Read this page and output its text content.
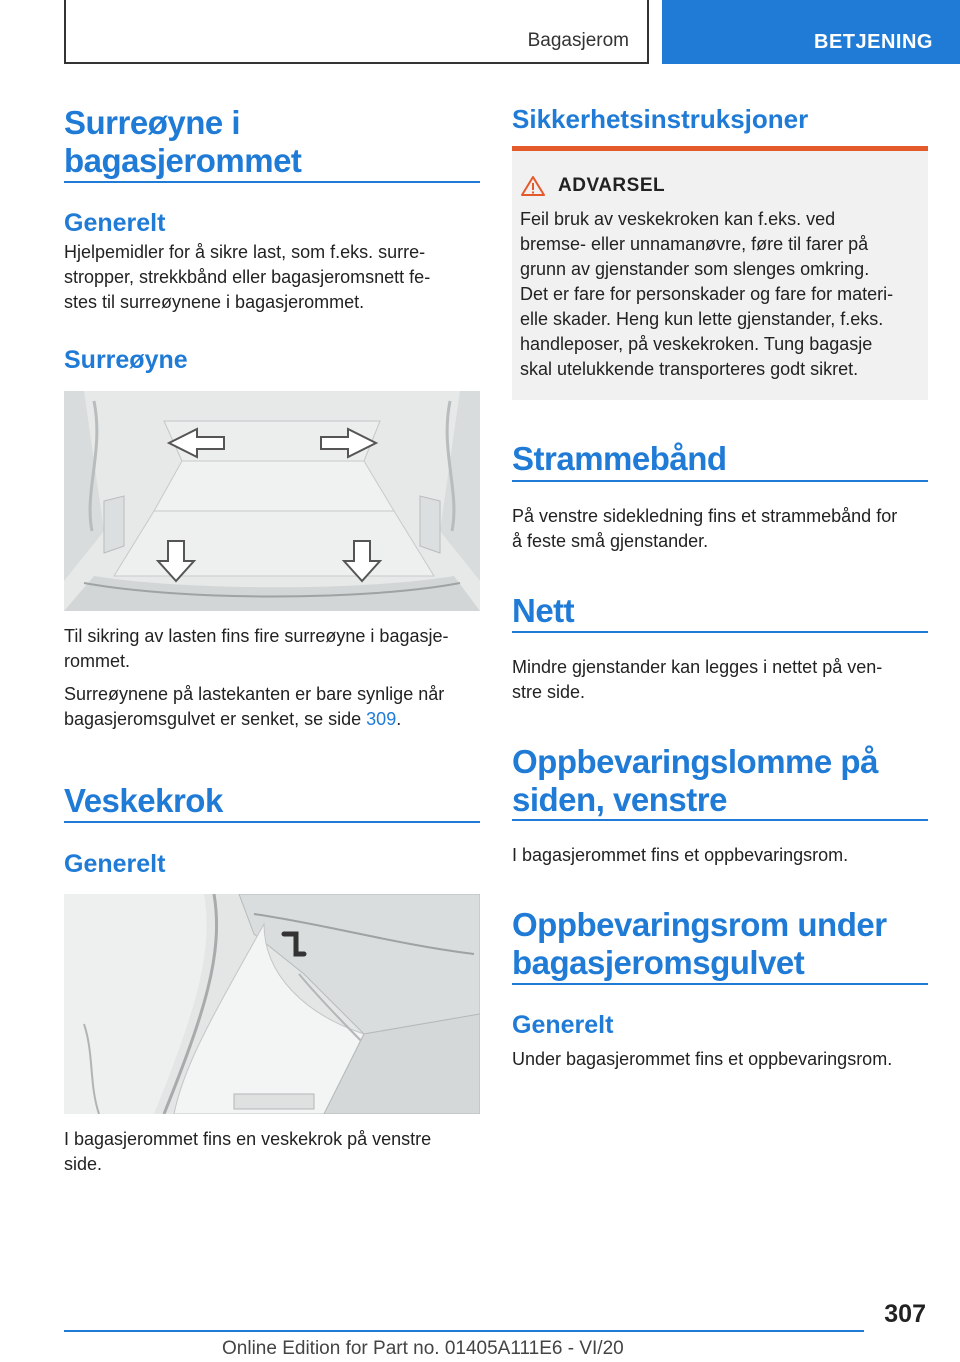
Bagasjerom	BETJENING
Surreøyne i
bagasjerommet
Generelt
Hjelpemidler for å sikre last, som f.eks. surre-
stropper, strekkbånd eller bagasjeromsnett fe-
stes til surreøynene i bagasjerommet.
Surreøyne
Til sikring av lasten fins fire surreøyne i bagasje-
rommet.
Surreøynene på lastekanten er bare synlige når
bagasjeromsgulvet er senket, se side 309.
Veskekrok
Generelt
I bagasjerommet fins en veskekrok på venstre
side.
Sikkerhetsinstruksjoner
ADVARSEL
Feil bruk av veskekroken kan f.eks. ved
bremse- eller unnamanøvre, føre til farer på
grunn av gjenstander som slenges omkring.
Det er fare for personskader og fare for materi-
elle skader. Heng kun lette gjenstander, f.eks.
handleposer, på veskekroken. Tung bagasje
skal utelukkende transporteres godt sikret.
Strammebånd
På venstre sidekledning fins et strammebånd for
å feste små gjenstander.
Nett
Mindre gjenstander kan legges i nettet på ven-
stre side.
Oppbevaringslomme på
siden, venstre
I bagasjerommet fins et oppbevaringsrom.
Oppbevaringsrom under
bagasjeromsgulvet
Generelt
Under bagasjerommet fins et oppbevaringsrom.
307
Online Edition for Part no. 01405A111E6 - VI/20
